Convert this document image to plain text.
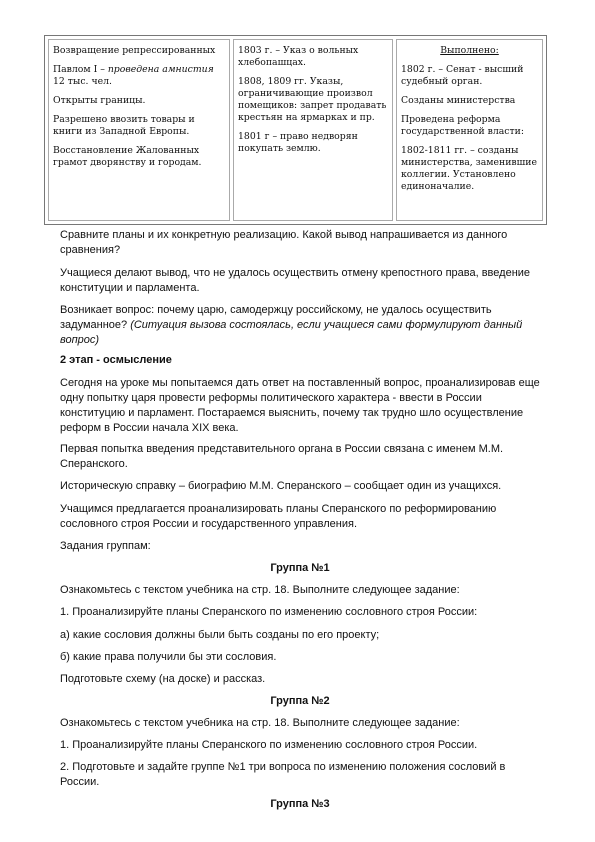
Возвращение репрессированных

Павлом I – проведена амнистия 12 тыс. чел.

Открыты границы.

Разрешено ввозить товары и книги из Западной Европы.

Восстановление Жалованных грамот дворянству и городам.

1803 г. – Указ о вольных хлебопашцах.

1808, 1809 гг. Указы, ограничивающие произвол помещиков: запрет продавать крестьян на ярмарках и пр.

1801 г – право недворян покупать землю.

Выполнено:

1802 г. – Сенат - высший судебный орган.

Созданы министерства

Проведена реформа государственной власти:

1802-1811 гг. – созданы министерства, заменившие коллегии. Установлено единоначалие.

Сравните планы и их конкретную реализацию. Какой вывод напрашивается из данного сравнения?
Учащиеся делают вывод, что не удалось осуществить отмену крепостного права, введение конституции и парламента.
Возникает вопрос: почему царю, самодержцу российскому, не удалось осуществить задуманное? (Ситуация вызова состоялась, если учащиеся сами формулируют данный вопрос)
2 этап - осмысление
Сегодня на уроке мы попытаемся дать ответ на поставленный вопрос, проанализировав еще одну попытку царя провести реформы политического характера - ввести в России конституцию и парламент. Постараемся выяснить, почему так трудно шло осуществление реформ в России начала XIX века.
Первая попытка введения представительного органа в России связана с именем М.М. Сперанского.
Историческую справку – биографию М.М. Сперанского – сообщает один из учащихся.
Учащимся предлагается проанализировать планы Сперанского по реформированию сословного строя России и государственного управления.
Задания группам:
Группа №1
Ознакомьтесь с текстом учебника на стр. 18. Выполните следующее задание:
1. Проанализируйте планы Сперанского по изменению сословного строя России:
а) какие сословия должны были быть созданы по его проекту;
б) какие права получили бы эти сословия.
Подготовьте схему (на доске) и рассказ.
Группа №2
Ознакомьтесь с текстом учебника на стр. 18. Выполните следующее задание:
1. Проанализируйте планы Сперанского по изменению сословного строя России.
2. Подготовьте и задайте группе №1 три вопроса по изменению положения сословий в России.
Группа №3
